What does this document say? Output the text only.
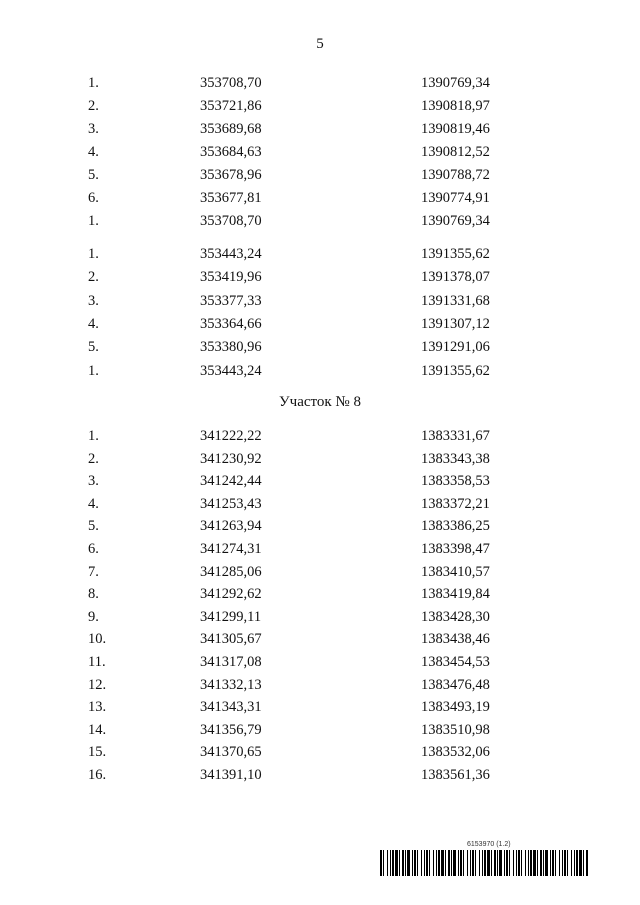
5
1.	353708,70	1390769,34
2.	353721,86	1390818,97
3.	353689,68	1390819,46
4.	353684,63	1390812,52
5.	353678,96	1390788,72
6.	353677,81	1390774,91
1.	353708,70	1390769,34
1.	353443,24	1391355,62
2.	353419,96	1391378,07
3.	353377,33	1391331,68
4.	353364,66	1391307,12
5.	353380,96	1391291,06
1.	353443,24	1391355,62
Участок № 8
1.	341222,22	1383331,67
2.	341230,92	1383343,38
3.	341242,44	1383358,53
4.	341253,43	1383372,21
5.	341263,94	1383386,25
6.	341274,31	1383398,47
7.	341285,06	1383410,57
8.	341292,62	1383419,84
9.	341299,11	1383428,30
10.	341305,67	1383438,46
11.	341317,08	1383454,53
12.	341332,13	1383476,48
13.	341343,31	1383493,19
14.	341356,79	1383510,98
15.	341370,65	1383532,06
16.	341391,10	1383561,36
6153970 (1.2)
